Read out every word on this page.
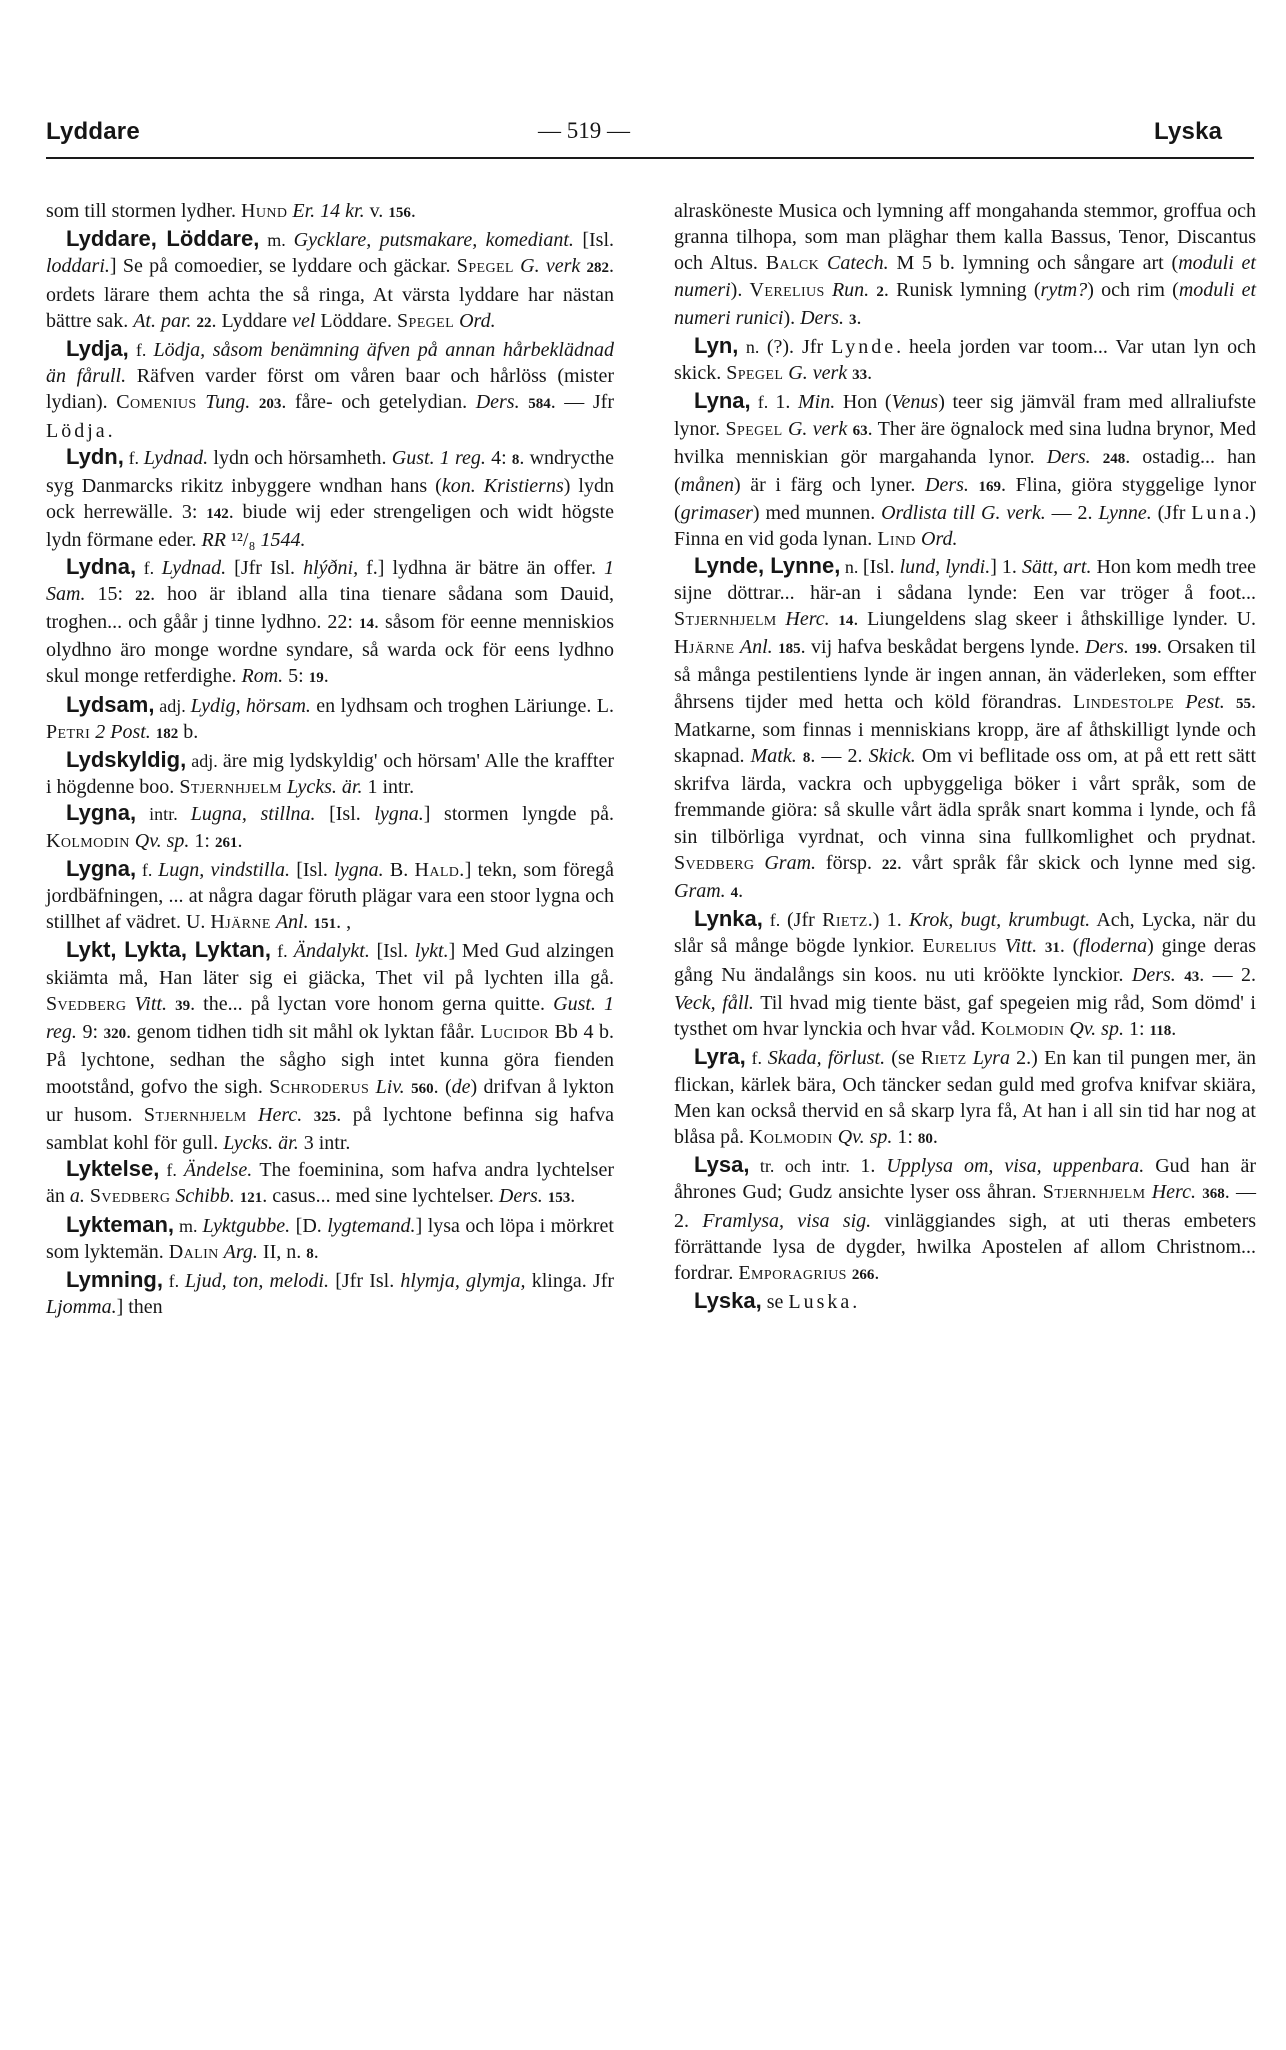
Lyddare	— 519 —	Lyska

som till stormen lydher. Hund Er. 14 kr. v. 156.

Lyddare, Löddare, m. Gycklare, putsmakare, komediant. [Isl. loddari.] Se på comoedier, se lyddare och gäckar. Spegel G. verk 282. ordets lärare them achta the så ringa, At värsta lyddare har nästan bättre sak. At. par. 22. Lyddare vel Löddare. Spegel Ord.

Lydja, f. Lödja, såsom benämning äfven på annan hårbeklädnad än fårull. Räfven varder först om våren baar och hårlöss (mister lydian). Comenius Tung. 203. fåre- och getelydian. Ders. 584. — Jfr Lödja.

Lydn, f. Lydnad. lydn och hörsamheth. Gust. 1 reg. 4: 8. wndrycthe syg Danmarcks rikitz inbyggere wndhan hans (kon. Kristierns) lydn ock herrewälle. 3: 142. biude wij eder strengeligen och widt högste lydn förmane eder. RR ¹²/₈ 1544.

Lydna, f. Lydnad. [Jfr Isl. hlýðni, f.] lydhna är bätre än offer. 1 Sam. 15: 22. hoo är ibland alla tina tienare sådana som Dauid, troghen... och gåår j tinne lydhno. 22: 14. såsom för eenne menniskios olydhno äro monge wordne syndare, så warda ock för eens lydhno skul monge retferdighe. Rom. 5: 19.

Lydsam, adj. Lydig, hörsam. en lydhsam och troghen Läriunge. L. Petri 2 Post. 182 b.

Lydskyldig, adj. äre mig lydskyldig' och hörsam' Alle the kraffter i högdenne boo. Stjernhjelm Lycks. är. 1 intr.

Lygna, intr. Lugna, stillna. [Isl. lygna.] stormen lyngde på. Kolmodin Qv. sp. 1: 261.

Lygna, f. Lugn, vindstilla. [Isl. lygna. B. Hald.] tekn, som föregå jordbäfningen, ... at några dagar föruth plägar vara een stoor lygna och stillhet af vädret. U. Hjärne Anl. 151. ,

Lykt, Lykta, Lyktan, f. Ändalykt. [Isl. lykt.] Med Gud alzingen skiämta må, Han läter sig ei giäcka, Thet vil på lychten illa gå. Svedberg Vitt. 39. the... på lyctan vore honom gerna quitte. Gust. 1 reg. 9: 320. genom tidhen tidh sit måhl ok lyktan fåår. Lucidor Bb 4 b. På lychtone, sedhan the sågho sigh intet kunna göra fienden mootstånd, gofvo the sigh. Schroderus Liv. 560. (de) drifvan å lykton ur husom. Stjernhjelm Herc. 325. på lychtone befinna sig hafva samblat kohl för gull. Lycks. är. 3 intr.

Lyktelse, f. Ändelse. The foeminina, som hafva andra lychtelser än a. Svedberg Schibb. 121. casus... med sine lychtelser. Ders. 153.

Lykteman, m. Lyktgubbe. [D. lygtemand.] lysa och löpa i mörkret som lyktemän. Dalin Arg. II, n. 8.

Lymning, f. Ljud, ton, melodi. [Jfr Isl. hlymja, glymja, klinga. Jfr Ljomma.] then

alrasköneste Musica och lymning aff mongahanda stemmor, groffua och granna tilhopa, som man pläghar them kalla Bassus, Tenor, Discantus och Altus. Balck Catech. M 5 b. lymning och sångare art (moduli et numeri). Verelius Run. 2. Runisk lymning (rytm?) och rim (moduli et numeri runici). Ders. 3.

Lyn, n. (?). Jfr Lynde. heela jorden var toom... Var utan lyn och skick. Spegel G. verk 33.

Lyna, f. 1. Min. Hon (Venus) teer sig jämväl fram med allraliufste lynor. Spegel G. verk 63. Ther äre ögnalock med sina ludna brynor, Med hvilka menniskian gör margahanda lynor. Ders. 248. ostadig... han (månen) är i färg och lyner. Ders. 169. Flina, giöra styggelige lynor (grimaser) med munnen. Ordlista till G. verk. — 2. Lynne. (Jfr Luna.) Finna en vid goda lynan. Lind Ord.

Lynde, Lynne, n. [Isl. lund, lyndi.] 1. Sätt, art. Hon kom medh tree sijne döttrar... här-an i sådana lynde: Een var tröger å foot... Stjernhjelm Herc. 14. Liungeldens slag skeer i åthskillige lynder. U. Hjärne Anl. 185. vij hafva beskådat bergens lynde. Ders. 199. Orsaken til så många pestilentiens lynde är ingen annan, än väderleken, som effter åhrsens tijder med hetta och köld förandras. Lindestolpe Pest. 55. Matkarne, som finnas i menniskians kropp, äre af åthskilligt lynde och skapnad. Matk. 8. — 2. Skick. Om vi beflitade oss om, at på ett rett sätt skrifva lärda, vackra och upbyggeliga böker i vårt språk, som de fremmande giöra: så skulle vårt ädla språk snart komma i lynde, och få sin tilbörliga vyrdnat, och vinna sina fullkomlighet och prydnat. Svedberg Gram. försp. 22. vårt språk får skick och lynne med sig. Gram. 4.

Lynka, f. (Jfr Rietz.) 1. Krok, bugt, krumbugt. Ach, Lycka, när du slår så månge bögde lynkior. Eurelius Vitt. 31. (floderna) ginge deras gång Nu ändalångs sin koos. nu uti kröökte lynckior. Ders. 43. — 2. Veck, fåll. Til hvad mig tiente bäst, gaf spegeien mig råd, Som dömd' i tysthet om hvar lynckia och hvar våd. Kolmodin Qv. sp. 1: 118.

Lyra, f. Skada, förlust. (se Rietz Lyra 2.) En kan til pungen mer, än flickan, kärlek bära, Och täncker sedan guld med grofva knifvar skiära, Men kan också thervid en så skarp lyra få, At han i all sin tid har nog at blåsa på. Kolmodin Qv. sp. 1: 80.

Lysa, tr. och intr. 1. Upplysa om, visa, uppenbara. Gud han är åhrones Gud; Gudz ansichte lyser oss åhran. Stjernhjelm Herc. 368. — 2. Framlysa, visa sig. vinläggiandes sigh, at uti theras embeters förrättande lysa de dygder, hwilka Apostelen af allom Christnom... fordrar. Emporagrius 266.

Lyska, se Luska.
